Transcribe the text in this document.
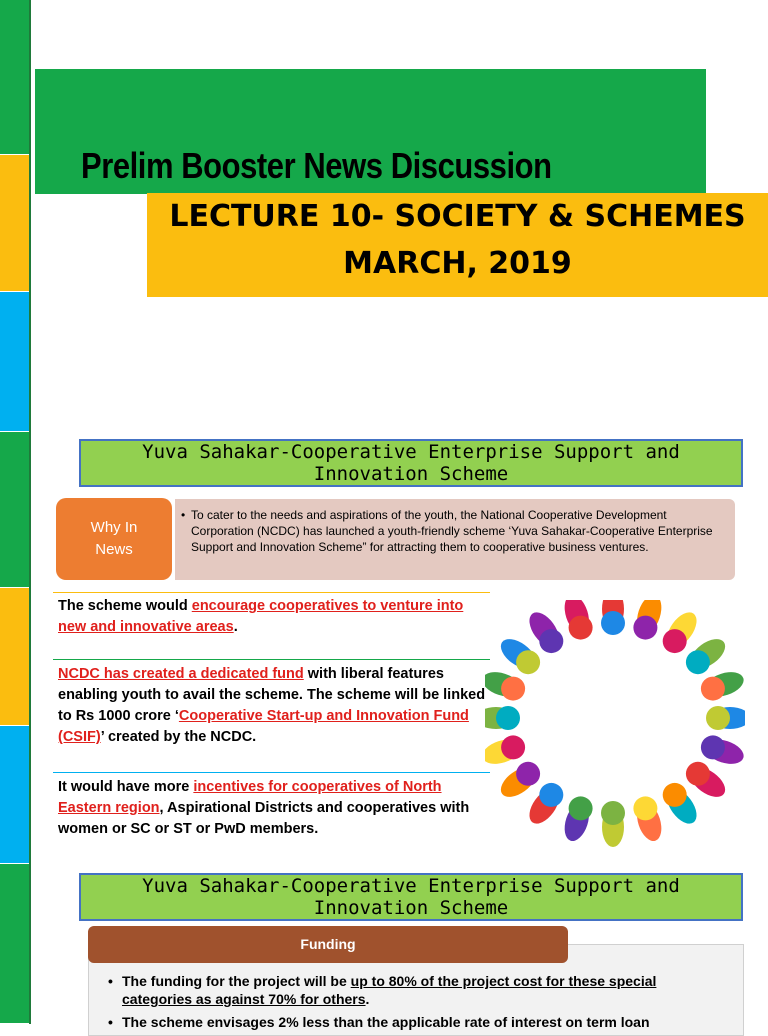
Prelim Booster News Discussion
LECTURE 10- SOCIETY & SCHEMES
MARCH, 2019
Yuva Sahakar-Cooperative Enterprise Support and
Innovation Scheme
Why In
News
• To cater to the needs and aspirations of the youth, the National Cooperative Development Corporation (NCDC) has launched a youth-friendly scheme ‘Yuva Sahakar-Cooperative Enterprise Support and Innovation Scheme” for attracting them to cooperative business ventures.
The scheme would encourage cooperatives to venture into new and innovative areas.
NCDC has created a dedicated fund with liberal features enabling youth to avail the scheme. The scheme will be linked to Rs 1000 crore ‘Cooperative Start-up and Innovation Fund (CSIF)’ created by the NCDC.
It would have more incentives for cooperatives of North Eastern region, Aspirational Districts and cooperatives with women or SC or ST or PwD members.
Yuva Sahakar-Cooperative Enterprise Support and
Innovation Scheme
Funding
• The funding for the project will be up to 80% of the project cost for these special categories as against 70% for others.
• The scheme envisages 2% less than the applicable rate of interest on term loan
